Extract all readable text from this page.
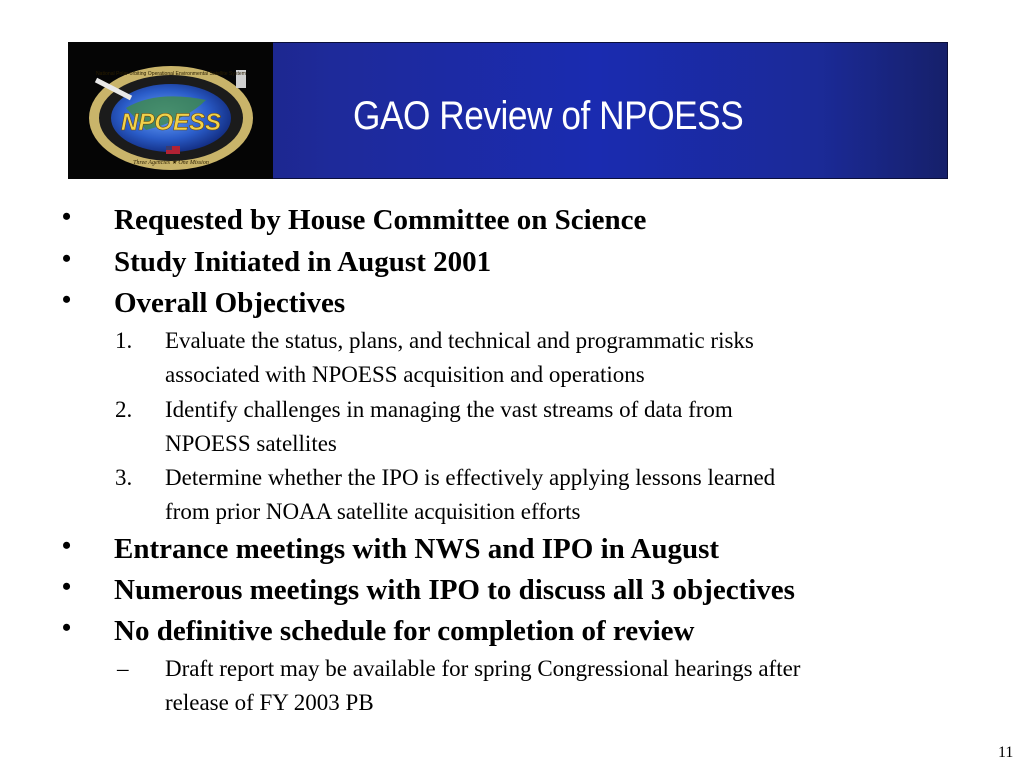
NPOESS
National Polar-orbiting Operational Environmental Satellite System
Three Agencies ★ One Mission
GAO Review of NPOESS
• Requested by House Committee on Science
• Study Initiated in August 2001
• Overall Objectives
1. Evaluate the status, plans, and technical and programmatic risks
associated with NPOESS acquisition and operations
2. Identify challenges in managing the vast streams of data from
NPOESS satellites
3. Determine whether the IPO is effectively applying lessons learned
from prior NOAA satellite acquisition efforts
• Entrance meetings with NWS and IPO in August
• Numerous meetings with IPO to discuss all 3 objectives
• No definitive schedule for completion of review
– Draft report may be available for spring Congressional hearings after
release of FY 2003 PB
11
